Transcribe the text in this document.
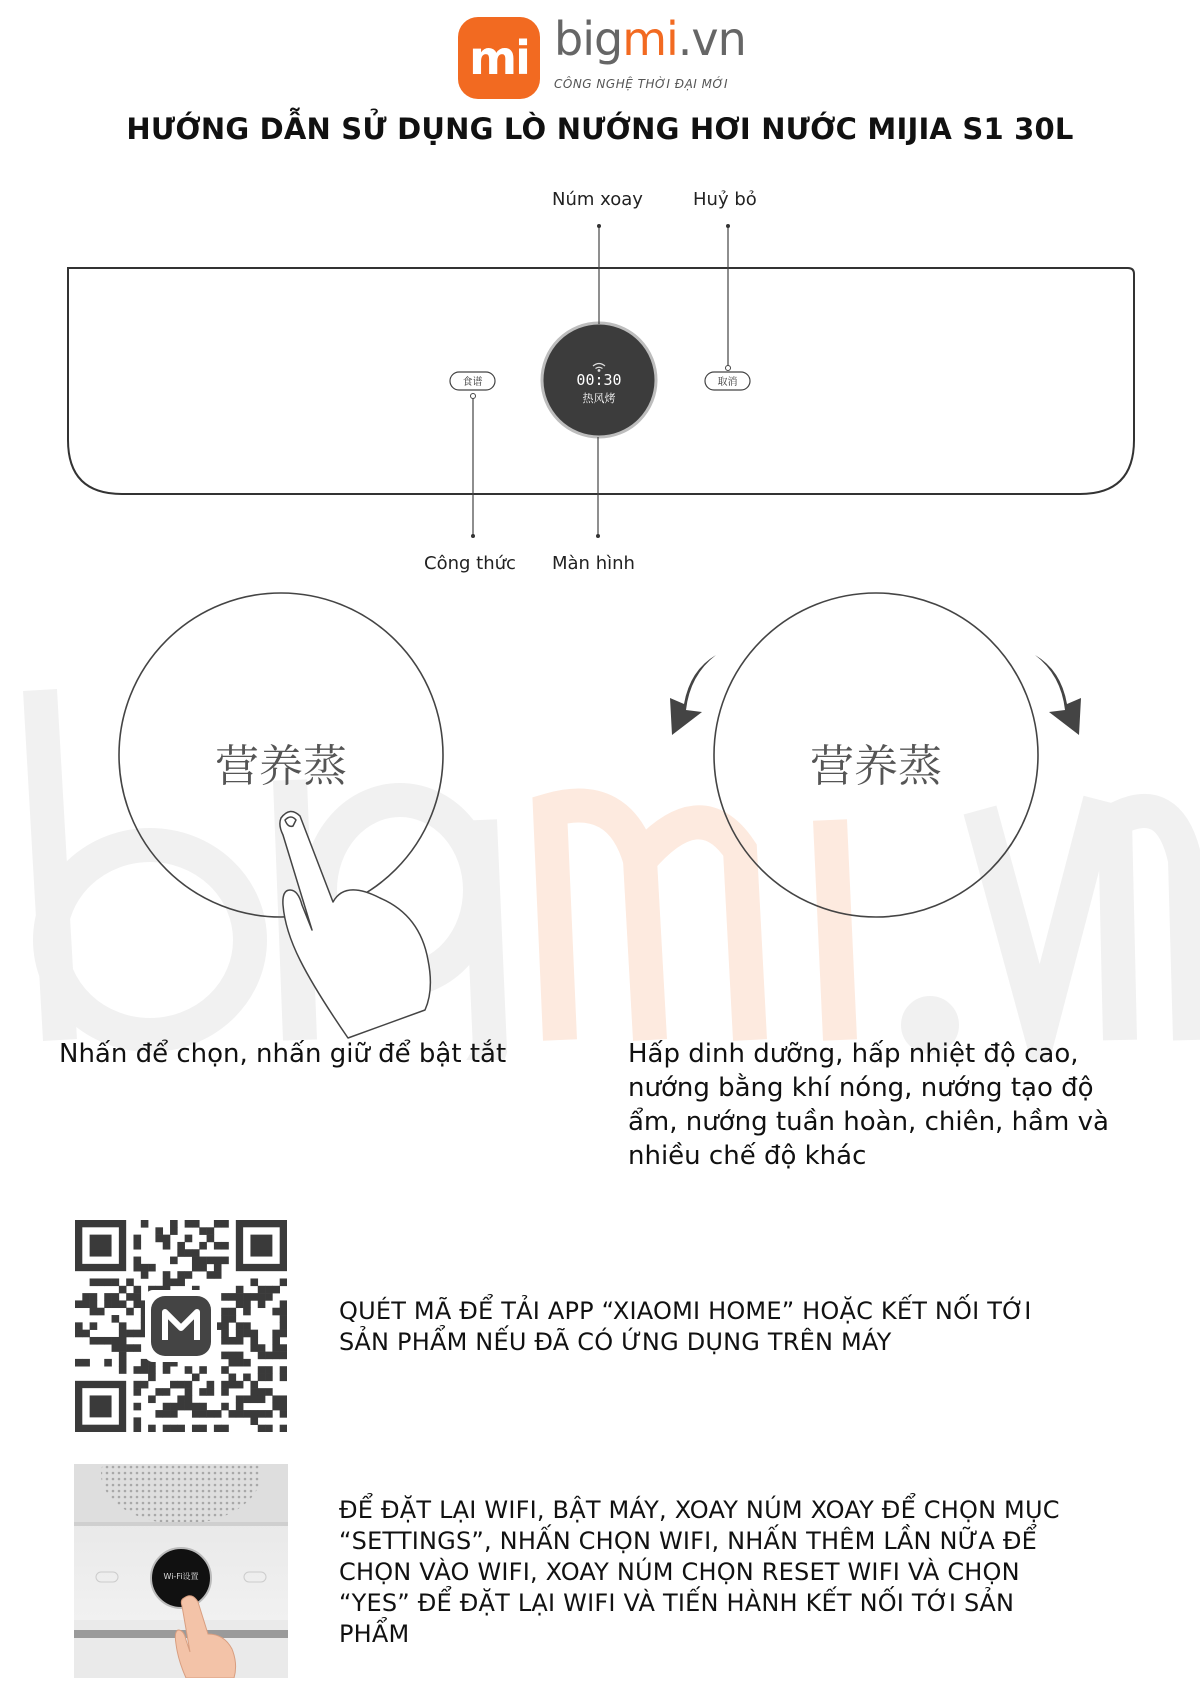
mi bigmi.vn
CÔNG NGHỆ THỜI ĐẠI MỚI
HƯỚNG DẪN SỬ DỤNG LÒ NƯỚNG HƠI NƯỚC MIJIA S1 30L
Núm xoay	Huỷ bỏ
Công thức Màn hình
食谱	取消
00:30
热风烤
营养蒸	营养蒸
Nhấn để chọn, nhấn giữ để bật tắt	Hấp dinh dưỡng, hấp nhiệt độ cao,
nướng bằng khí nóng, nướng tạo độ
ẩm, nướng tuần hoàn, chiên, hầm và
nhiều chế độ khác
QUÉT MÃ ĐỂ TẢI APP “XIAOMI HOME” HOẶC KẾT NỐI TỚI
SẢN PHẨM NẾU ĐÃ CÓ ỨNG DỤNG TRÊN MÁY
Wi-Fi设置
ĐỂ ĐẶT LẠI WIFI, BẬT MÁY, XOAY NÚM XOAY ĐỂ CHỌN MỤC
“SETTINGS”, NHẤN CHỌN WIFI, NHẤN THÊM LẦN NỮA ĐỂ
CHỌN VÀO WIFI, XOAY NÚM CHỌN RESET WIFI VÀ CHỌN
“YES” ĐỂ ĐẶT LẠI WIFI VÀ TIẾN HÀNH KẾT NỐI TỚI SẢN
PHẨM
